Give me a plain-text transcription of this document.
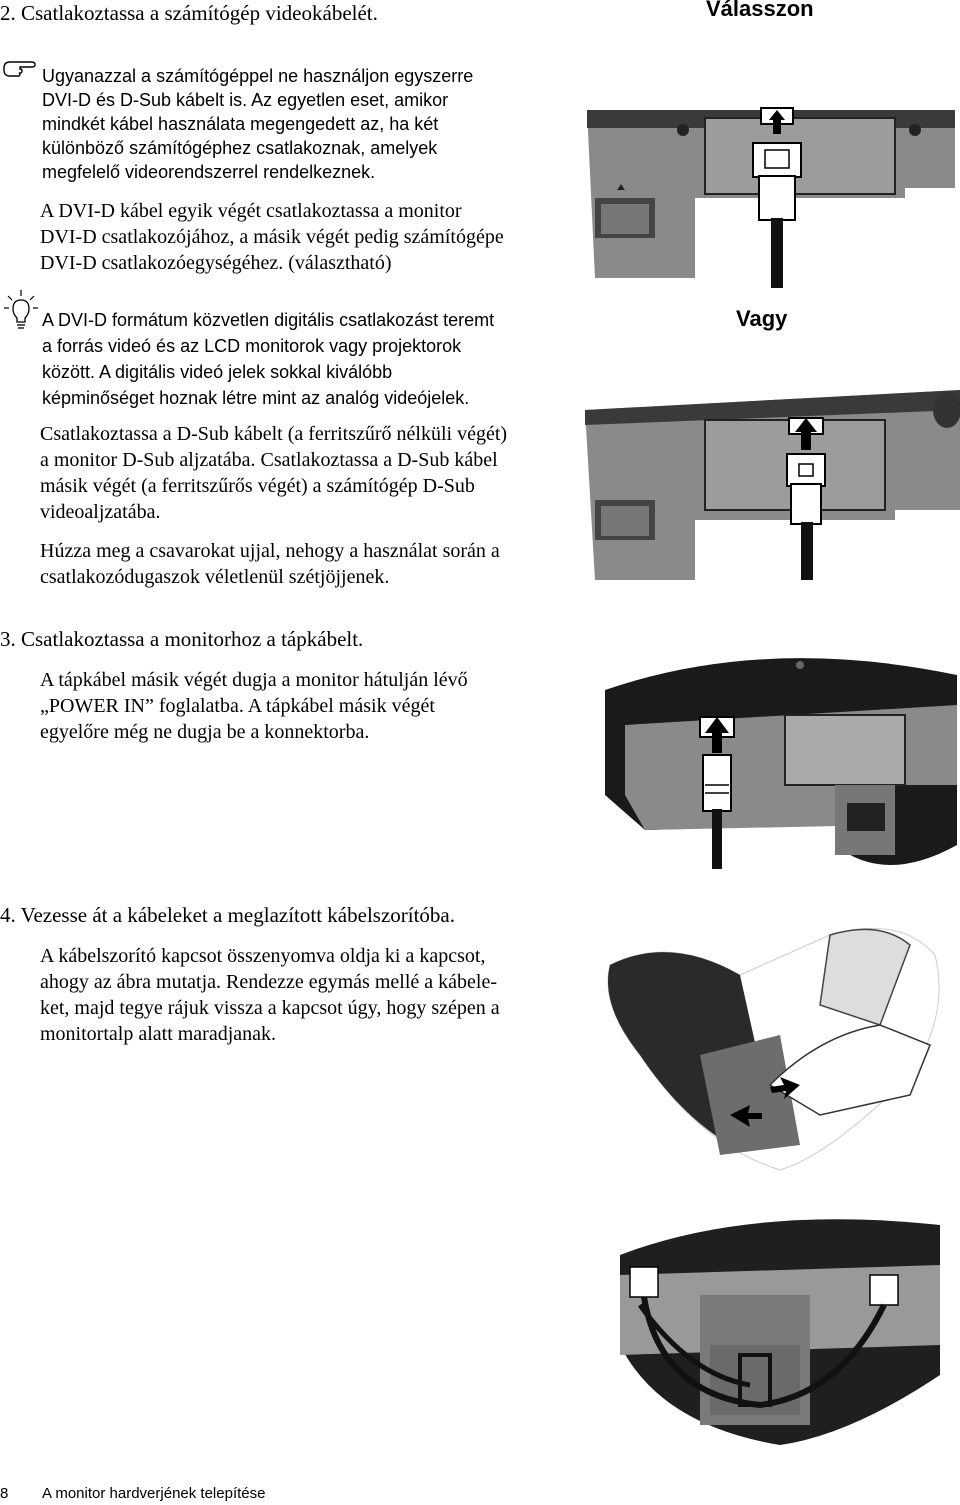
2. Csatlakoztassa a számítógép videokábelét.	Válasszon
Ugyanazzal a számítógéppel ne használjon egyszerre
DVI-D és D-Sub kábelt is. Az egyetlen eset, amikor
mindkét kábel használata megengedett az, ha két
különböző számítógéphez csatlakoznak, amelyek
megfelelő videorendszerrel rendelkeznek.
A DVI-D kábel egyik végét csatlakoztassa a monitor
DVI-D csatlakozójához, a másik végét pedig számítógépe
DVI-D csatlakozóegységéhez. (választható)
A DVI-D formátum közvetlen digitális csatlakozást teremt
a forrás videó és az LCD monitorok vagy projektorok
között. A digitális videó jelek sokkal kiválóbb
képminőséget hoznak létre mint az analóg videójelek.
Csatlakoztassa a D-Sub kábelt (a ferritszűrő nélküli végét)
a monitor D-Sub aljzatába. Csatlakoztassa a D-Sub kábel
másik végét (a ferritszűrős végét) a számítógép D-Sub
videoaljzatába.
Húzza meg a csavarokat ujjal, nehogy a használat során a
csatlakozódugaszok véletlenül szétjöjjenek.
Vagy
3. Csatlakoztassa a monitorhoz a tápkábelt.
A tápkábel másik végét dugja a monitor hátulján lévő
„POWER IN” foglalatba. A tápkábel másik végét
egyelőre még ne dugja be a konnektorba.
4. Vezesse át a kábeleket a meglazított kábelszorítóba.
A kábelszorító kapcsot összenyomva oldja ki a kapcsot,
ahogy az ábra mutatja. Rendezze egymás mellé a kábele-
ket, majd tegye rájuk vissza a kapcsot úgy, hogy szépen a
monitortalp alatt maradjanak.
8 A monitor hardverjének telepítése
